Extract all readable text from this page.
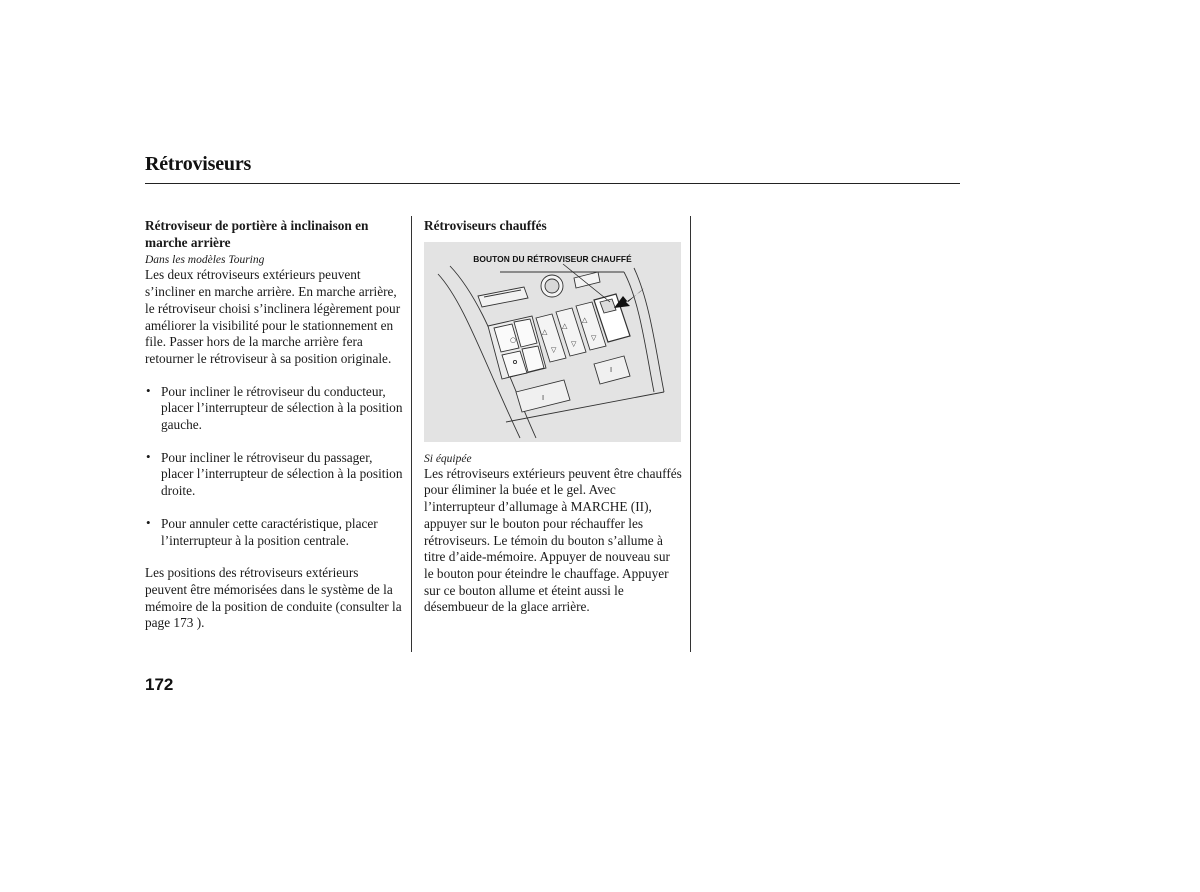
Rétroviseurs

Rétroviseur de portière à inclinaison en marche arrière

Dans les modèles Touring

Les deux rétroviseurs extérieurs peuvent s’incliner en marche arrière. En marche arrière, le rétroviseur choisi s’inclinera légèrement pour améliorer la visibilité pour le stationnement en file. Passer hors de la marche arrière fera retourner le rétroviseur à sa position originale.

• Pour incliner le rétroviseur du conducteur, placer l’interrupteur de sélection à la position gauche.
• Pour incliner le rétroviseur du passager, placer l’interrupteur de sélection à la position droite.
• Pour annuler cette caractéristique, placer l’interrupteur à la position centrale.

Les positions des rétroviseurs extérieurs peuvent être mémorisées dans le système de la mémoire de la position de conduite (consulter la page 173 ).

Rétroviseurs chauffés

△
△
△
▽
▽
▽
○
I
I
BOUTON DU RÉTROVISEUR CHAUFFÉ

Si équipée

Les rétroviseurs extérieurs peuvent être chauffés pour éliminer la buée et le gel. Avec l’interrupteur d’allumage à MARCHE (II), appuyer sur le bouton pour réchauffer les rétroviseurs. Le témoin du bouton s’allume à titre d’aide-mémoire. Appuyer de nouveau sur le bouton pour éteindre le chauffage. Appuyer sur ce bouton allume et éteint aussi le désembueur de la glace arrière.

172
